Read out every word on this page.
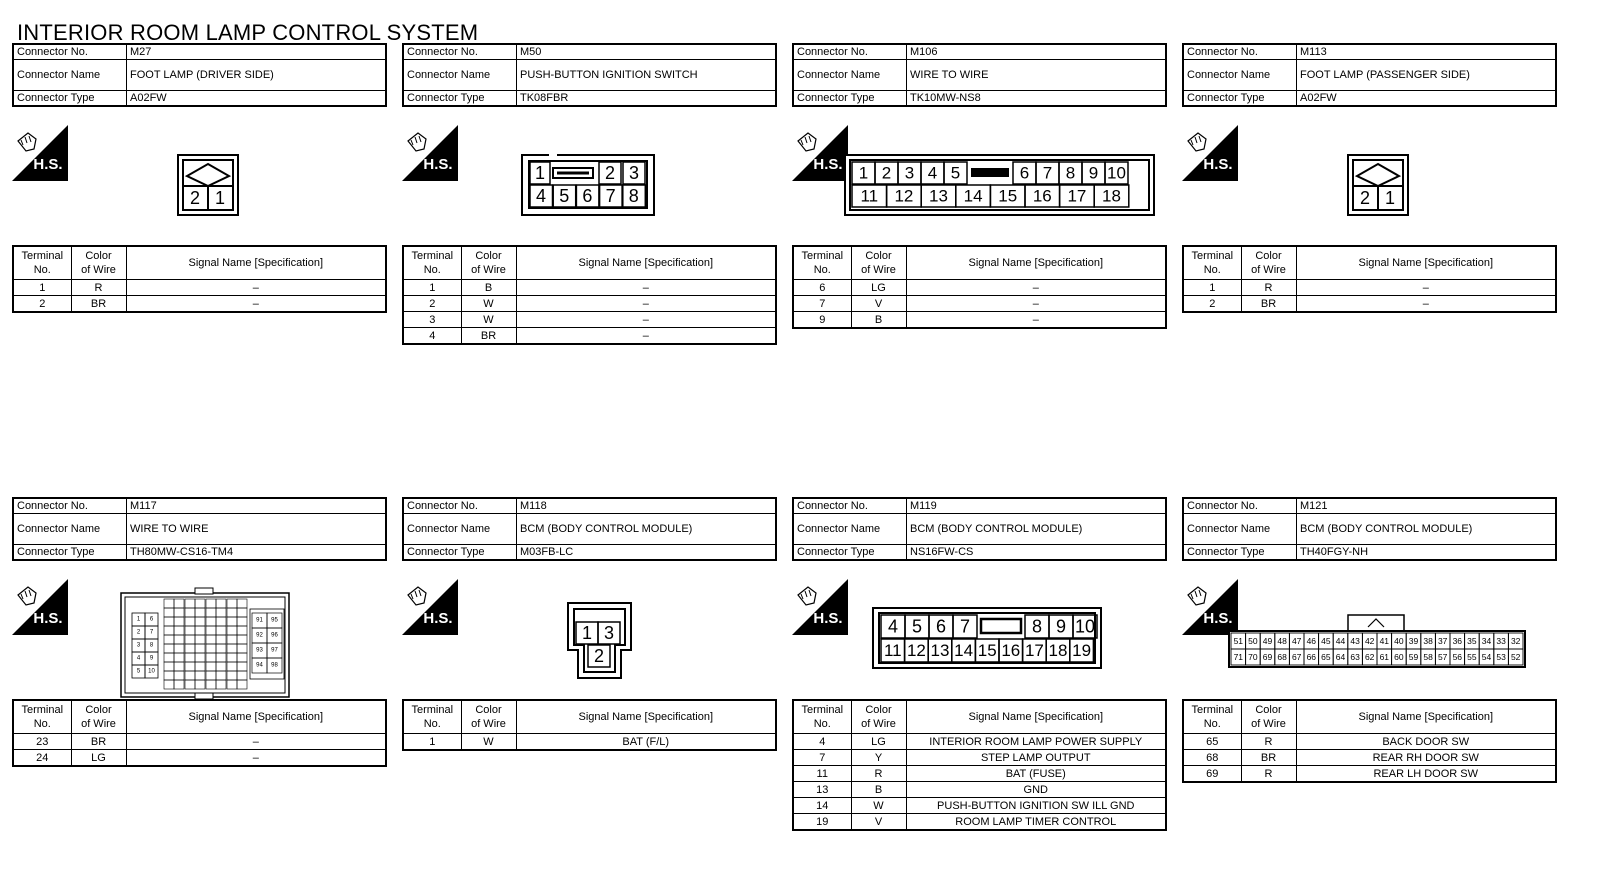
INTERIOR ROOM LAMP CONTROL SYSTEM
Connector No.	M27
Connector Name	FOOT LAMP (DRIVER SIDE)
Connector Type	A02FW
H.S.
2 1
Terminal
No.	Color
of Wire	Signal Name [Specification]
1	R	–
2	BR	–
Connector No.	M50
Connector Name	PUSH-BUTTON IGNITION SWITCH
Connector Type	TK08FBR
H.S.	1	2 3
4 5 6 7 8
Terminal
No.	Color
of Wire	Signal Name [Specification]
1	B	–
2	W	–
3	W	–
4	BR	–
Connector No.	M106
Connector Name	WIRE TO WIRE
Connector Type	TK10MW-NS8
H.S. 1 2 3 4 5	6 7 8 9 10
11 12 13 14 15 16 17 18
Terminal
No.	Color
of Wire	Signal Name [Specification]
6	LG	–
7	V	–
9	B	–
Connector No.	M113
Connector Name	FOOT LAMP (PASSENGER SIDE)
Connector Type	A02FW
H.S.
2 1
Terminal
No.	Color
of Wire	Signal Name [Specification]
1	R	–
2	BR	–
Connector No.	M117
Connector Name	WIRE TO WIRE
Connector Type	TH80MW-CS16-TM4
H.S.	1 6
2 7
3 8
4 9
5 10
91 95
92 96
93 97
94 98
Terminal
No.	Color
of Wire	Signal Name [Specification]
23	BR	–
24	LG	–
Connector No.	M118
Connector Name	BCM (BODY CONTROL MODULE)
Connector Type	M03FB-LC
H.S.
1 3
2
Terminal
No.	Color
of Wire	Signal Name [Specification]
1	W	BAT (F/L)
Connector No.	M119
Connector Name	BCM (BODY CONTROL MODULE)
Connector Type	NS16FW-CS
H.S.	4 5 6 7	8 9 10
11 12 13 14 15 16 17 18 19
Terminal
No.	Color
of Wire	Signal Name [Specification]
4	LG	INTERIOR ROOM LAMP POWER SUPPLY
7	Y	STEP LAMP OUTPUT
11	R	BAT (FUSE)
13	B	GND
14	W	PUSH-BUTTON IGNITION SW ILL GND
19	V	ROOM LAMP TIMER CONTROL
Connector No.	M121
Connector Name	BCM (BODY CONTROL MODULE)
Connector Type	TH40FGY-NH
H.S.
51 50 49 48 47 46 45 44 43 42 41 40 39 38 37 36 35 34 33 32
71 70 69 68 67 66 65 64 63 62 61 60 59 58 57 56 55 54 53 52
Terminal
No.	Color
of Wire	Signal Name [Specification]
65	R	BACK DOOR SW
68	BR	REAR RH DOOR SW
69	R	REAR LH DOOR SW
